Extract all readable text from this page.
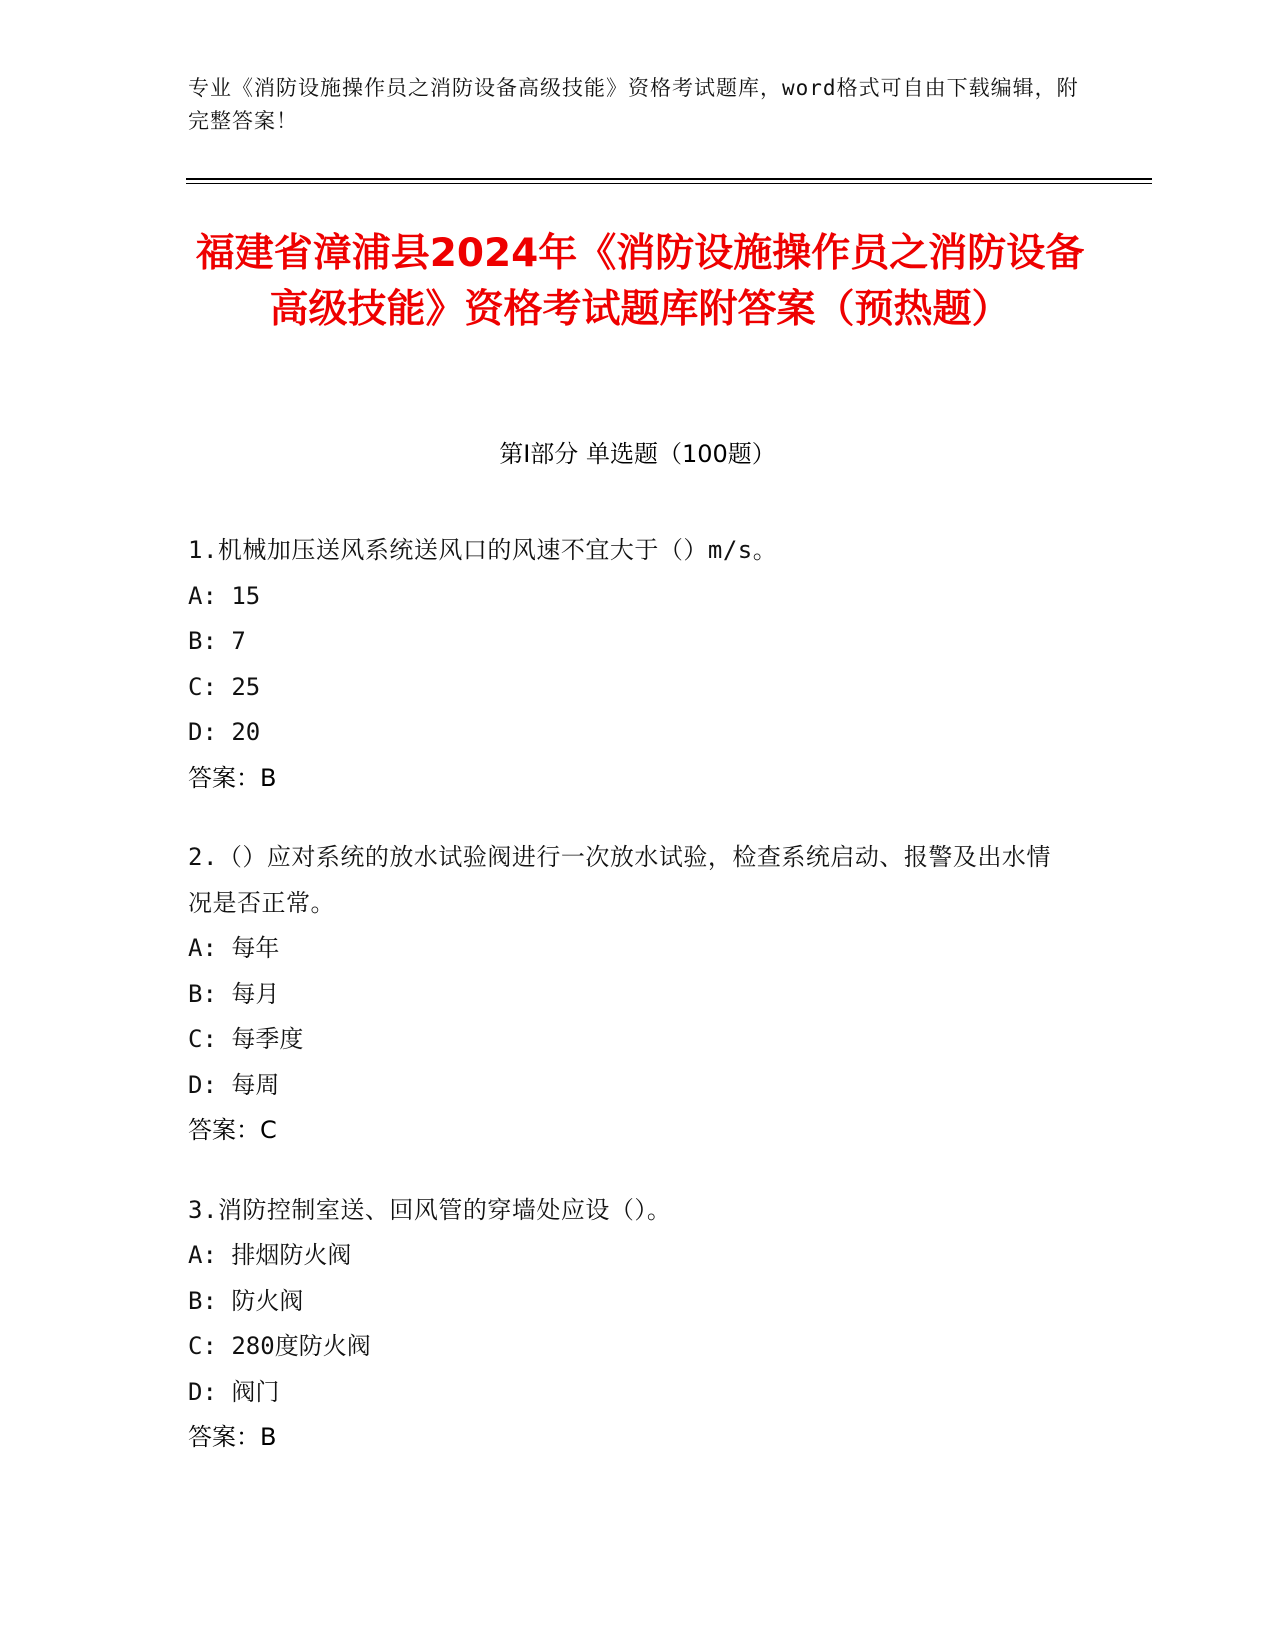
专业《消防设施操作员之消防设备高级技能》资格考试题库，word格式可自由下载编辑，附完整答案！
福建省漳浦县2024年《消防设施操作员之消防设备高级技能》资格考试题库附答案（预热题）
第I部分 单选题（100题）
1.机械加压送风系统送风口的风速不宜大于（）m/s。
A: 15
B: 7
C: 25
D: 20
答案：B
2.（）应对系统的放水试验阀进行一次放水试验，检查系统启动、报警及出水情况是否正常。
A: 每年
B: 每月
C: 每季度
D: 每周
答案：C
3.消防控制室送、回风管的穿墙处应设（）。
A: 排烟防火阀
B: 防火阀
C: 280度防火阀
D: 阀门
答案：B
